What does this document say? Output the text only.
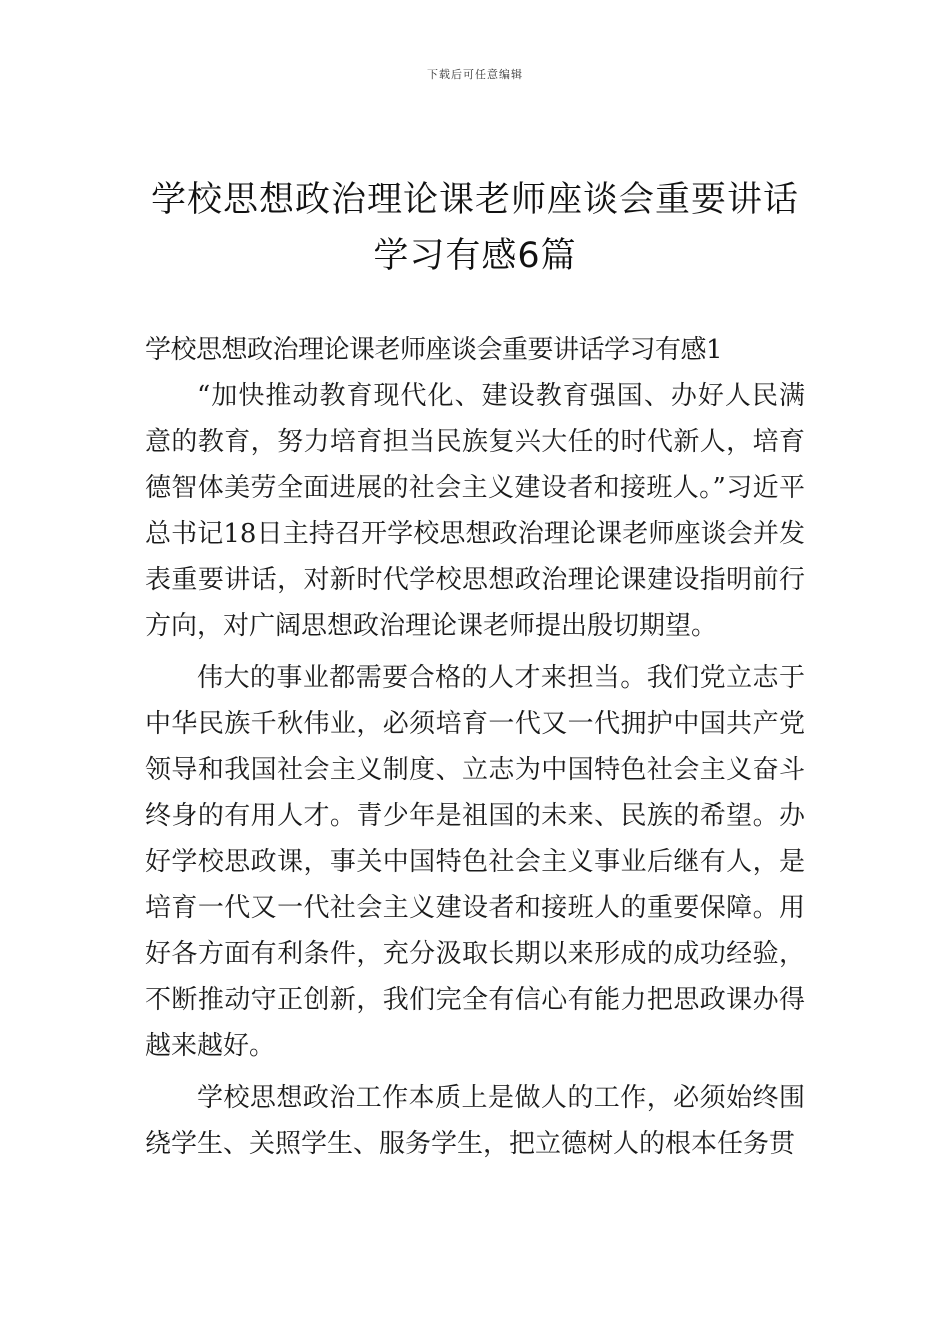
下载后可任意编辑
学校思想政治理论课老师座谈会重要讲话
学习有感6篇

学校思想政治理论课老师座谈会重要讲话学习有感1

“加快推动教育现代化、建设教育强国、办好人民满意的教育，努力培育担当民族复兴大任的时代新人，培育德智体美劳全面进展的社会主义建设者和接班人。”习近平总书记18日主持召开学校思想政治理论课老师座谈会并发表重要讲话，对新时代学校思想政治理论课建设指明前行方向，对广阔思想政治理论课老师提出殷切期望。

伟大的事业都需要合格的人才来担当。我们党立志于中华民族千秋伟业，必须培育一代又一代拥护中国共产党领导和我国社会主义制度、立志为中国特色社会主义奋斗终身的有用人才。青少年是祖国的未来、民族的希望。办好学校思政课，事关中国特色社会主义事业后继有人，是培育一代又一代社会主义建设者和接班人的重要保障。用好各方面有利条件，充分汲取长期以来形成的成功经验，不断推动守正创新，我们完全有信心有能力把思政课办得越来越好。

学校思想政治工作本质上是做人的工作，必须始终围绕学生、关照学生、服务学生，把立德树人的根本任务贯
